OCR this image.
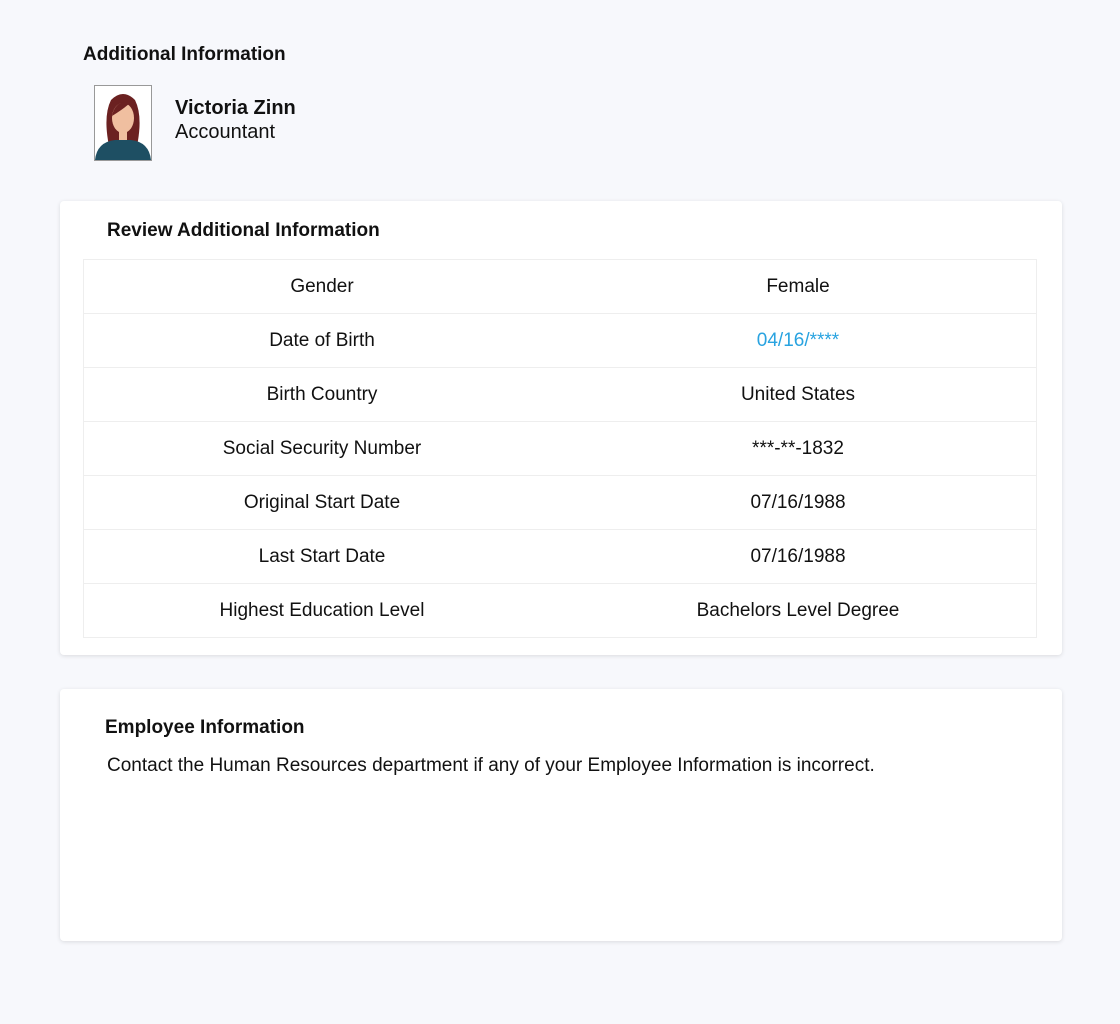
Additional Information
Victoria Zinn
Accountant
Review Additional Information
Gender	Female
Date of Birth	04/16/****
Birth Country	United States
Social Security Number	***-**-1832
Original Start Date	07/16/1988
Last Start Date	07/16/1988
Highest Education Level	Bachelors Level Degree
Employee Information
Contact the Human Resources department if any of your Employee Information is incorrect.
